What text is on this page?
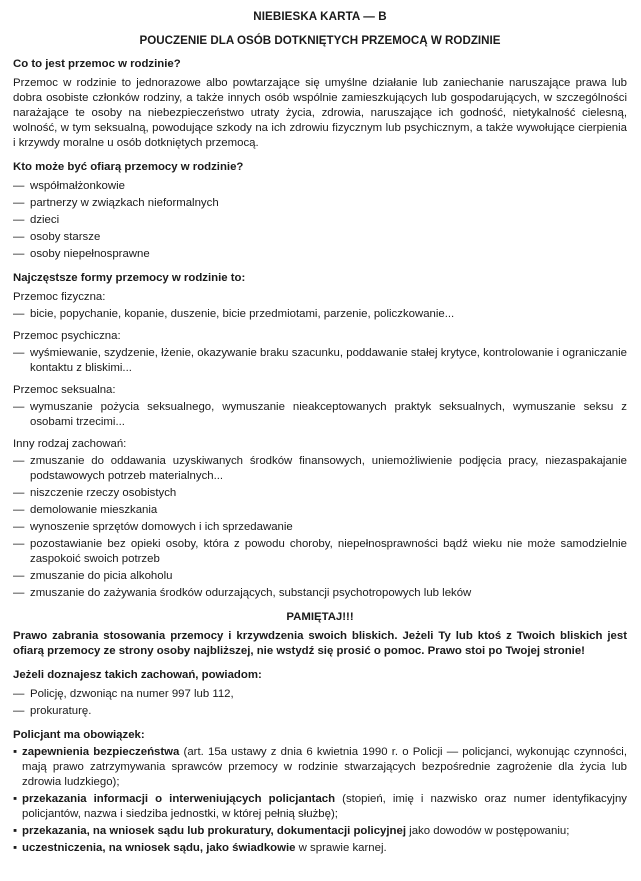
NIEBIESKA KARTA — B
POUCZENIE DLA OSÓB DOTKNIĘTYCH PRZEMOCĄ W RODZINIE

Co to jest przemoc w rodzinie?

Przemoc w rodzinie to jednorazowe albo powtarzające się umyślne działanie lub zaniechanie naruszające prawa lub dobra osobiste członków rodziny, a także innych osób wspólnie zamieszkujących lub gospodarujących, w szczególności narażające te osoby na niebezpieczeństwo utraty życia, zdrowia, naruszające ich godność, nietykalność cielesną, wolność, w tym seksualną, powodujące szkody na ich zdrowiu fizycznym lub psychicznym, a także wywołujące cierpienia i krzywdy moralne u osób dotkniętych przemocą.

Kto może być ofiarą przemocy w rodzinie?

— współmałżonkowie
— partnerzy w związkach nieformalnych
— dzieci
— osoby starsze
— osoby niepełnosprawne

Najczęstsze formy przemocy w rodzinie to:

Przemoc fizyczna:

— bicie, popychanie, kopanie, duszenie, bicie przedmiotami, parzenie, policzkowanie...

Przemoc psychiczna:

— wyśmiewanie, szydzenie, łżenie, okazywanie braku szacunku, poddawanie stałej krytyce, kontrolowanie i ograniczanie kontaktu z bliskimi...

Przemoc seksualna:

— wymuszanie pożycia seksualnego, wymuszanie nieakceptowanych praktyk seksualnych, wymuszanie seksu z osobami trzecimi...

Inny rodzaj zachowań:

— zmuszanie do oddawania uzyskiwanych środków finansowych, uniemożliwienie podjęcia pracy, niezaspakajanie podstawowych potrzeb materialnych...
— niszczenie rzeczy osobistych
— demolowanie mieszkania
— wynoszenie sprzętów domowych i ich sprzedawanie
— pozostawianie bez opieki osoby, która z powodu choroby, niepełnosprawności bądź wieku nie może samodzielnie zaspokoić swoich potrzeb
— zmuszanie do picia alkoholu
— zmuszanie do zażywania środków odurzających, substancji psychotropowych lub leków
PAMIĘTAJ!!!

Prawo zabrania stosowania przemocy i krzywdzenia swoich bliskich. Jeżeli Ty lub ktoś z Twoich bliskich jest ofiarą przemocy ze strony osoby najbliższej, nie wstydź się prosić o pomoc. Prawo stoi po Twojej stronie!

Jeżeli doznajesz takich zachowań, powiadom:

— Policję, dzwoniąc na numer 997 lub 112,
— prokuraturę.

Policjant ma obowiązek:

▪ zapewnienia bezpieczeństwa (art. 15a ustawy z dnia 6 kwietnia 1990 r. o Policji — policjanci, wykonując czynności, mają prawo zatrzymywania sprawców przemocy w rodzinie stwarzających bezpośrednie zagrożenie dla życia lub zdrowia ludzkiego);
▪ przekazania informacji o interweniujących policjantach (stopień, imię i nazwisko oraz numer identyfikacyjny policjantów, nazwa i siedziba jednostki, w której pełnią służbę);
▪ przekazania, na wniosek sądu lub prokuratury, dokumentacji policyjnej jako dowodów w postępowaniu;
▪ uczestniczenia, na wniosek sądu, jako świadkowie w sprawie karnej.
